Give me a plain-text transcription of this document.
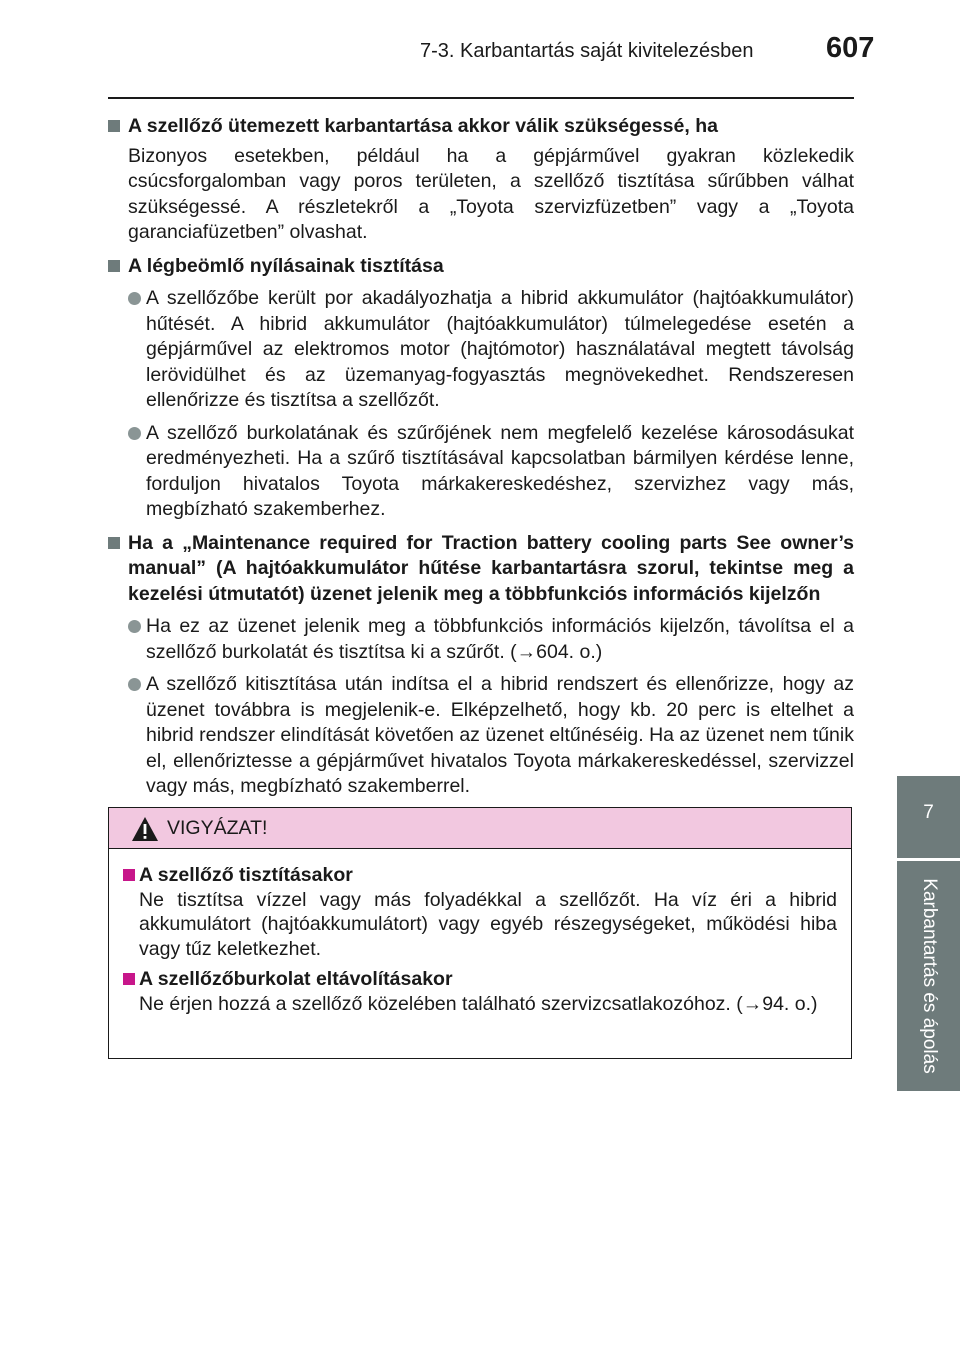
7-3. Karbantartás saját kivitelezésben 607
7
Karbantartás és ápolás
A szellőző ütemezett karbantartása akkor válik szükségessé, ha
Bizonyos esetekben, például ha a gépjárművel gyakran közlekedik csúcsforgalomban vagy poros területen, a szellőző tisztítása sűrűbben válhat szükségessé. A részletekről a „Toyota szervizfüzetben” vagy a „Toyota garanciafüzetben” olvashat.
A légbeömlő nyílásainak tisztítása
A szellőzőbe került por akadályozhatja a hibrid akkumulátor (hajtóakkumulátor) hűtését. A hibrid akkumulátor (hajtóakkumulátor) túlmelegedése esetén a gépjárművel az elektromos motor (hajtómotor) használatával megtett távolság lerövidülhet és az üzemanyag-fogyasztás megnövekedhet. Rendszeresen ellenőrizze és tisztítsa a szellőzőt.
A szellőző burkolatának és szűrőjének nem megfelelő kezelése károsodásukat eredményezheti. Ha a szűrő tisztításával kapcsolatban bármilyen kérdése lenne, forduljon hivatalos Toyota márkakereskedéshez, szervizhez vagy más, megbízható szakemberhez.
Ha a „Maintenance required for Traction battery cooling parts See owner’s manual” (A hajtóakkumulátor hűtése karbantartásra szorul, tekintse meg a kezelési útmutatót) üzenet jelenik meg a többfunkciós információs kijelzőn
Ha ez az üzenet jelenik meg a többfunkciós információs kijelzőn, távolítsa el a szellőző burkolatát és tisztítsa ki a szűrőt. (→604. o.)
A szellőző kitisztítása után indítsa el a hibrid rendszert és ellenőrizze, hogy az üzenet továbbra is megjelenik-e. Elképzelhető, hogy kb. 20 perc is eltelhet a hibrid rendszer elindítását követően az üzenet eltűnéséig. Ha az üzenet nem tűnik el, ellenőriztesse a gépjárművet hivatalos Toyota márkakereskedéssel, szervizzel vagy más, megbízható szakemberrel.
VIGYÁZAT!
A szellőző tisztításakor
Ne tisztítsa vízzel vagy más folyadékkal a szellőzőt. Ha víz éri a hibrid akkumulátort (hajtóakkumulátort) vagy egyéb részegységeket, működési hiba vagy tűz keletkezhet.
A szellőzőburkolat eltávolításakor
Ne érjen hozzá a szellőző közelében található szervizcsatlakozóhoz. (→94. o.)
